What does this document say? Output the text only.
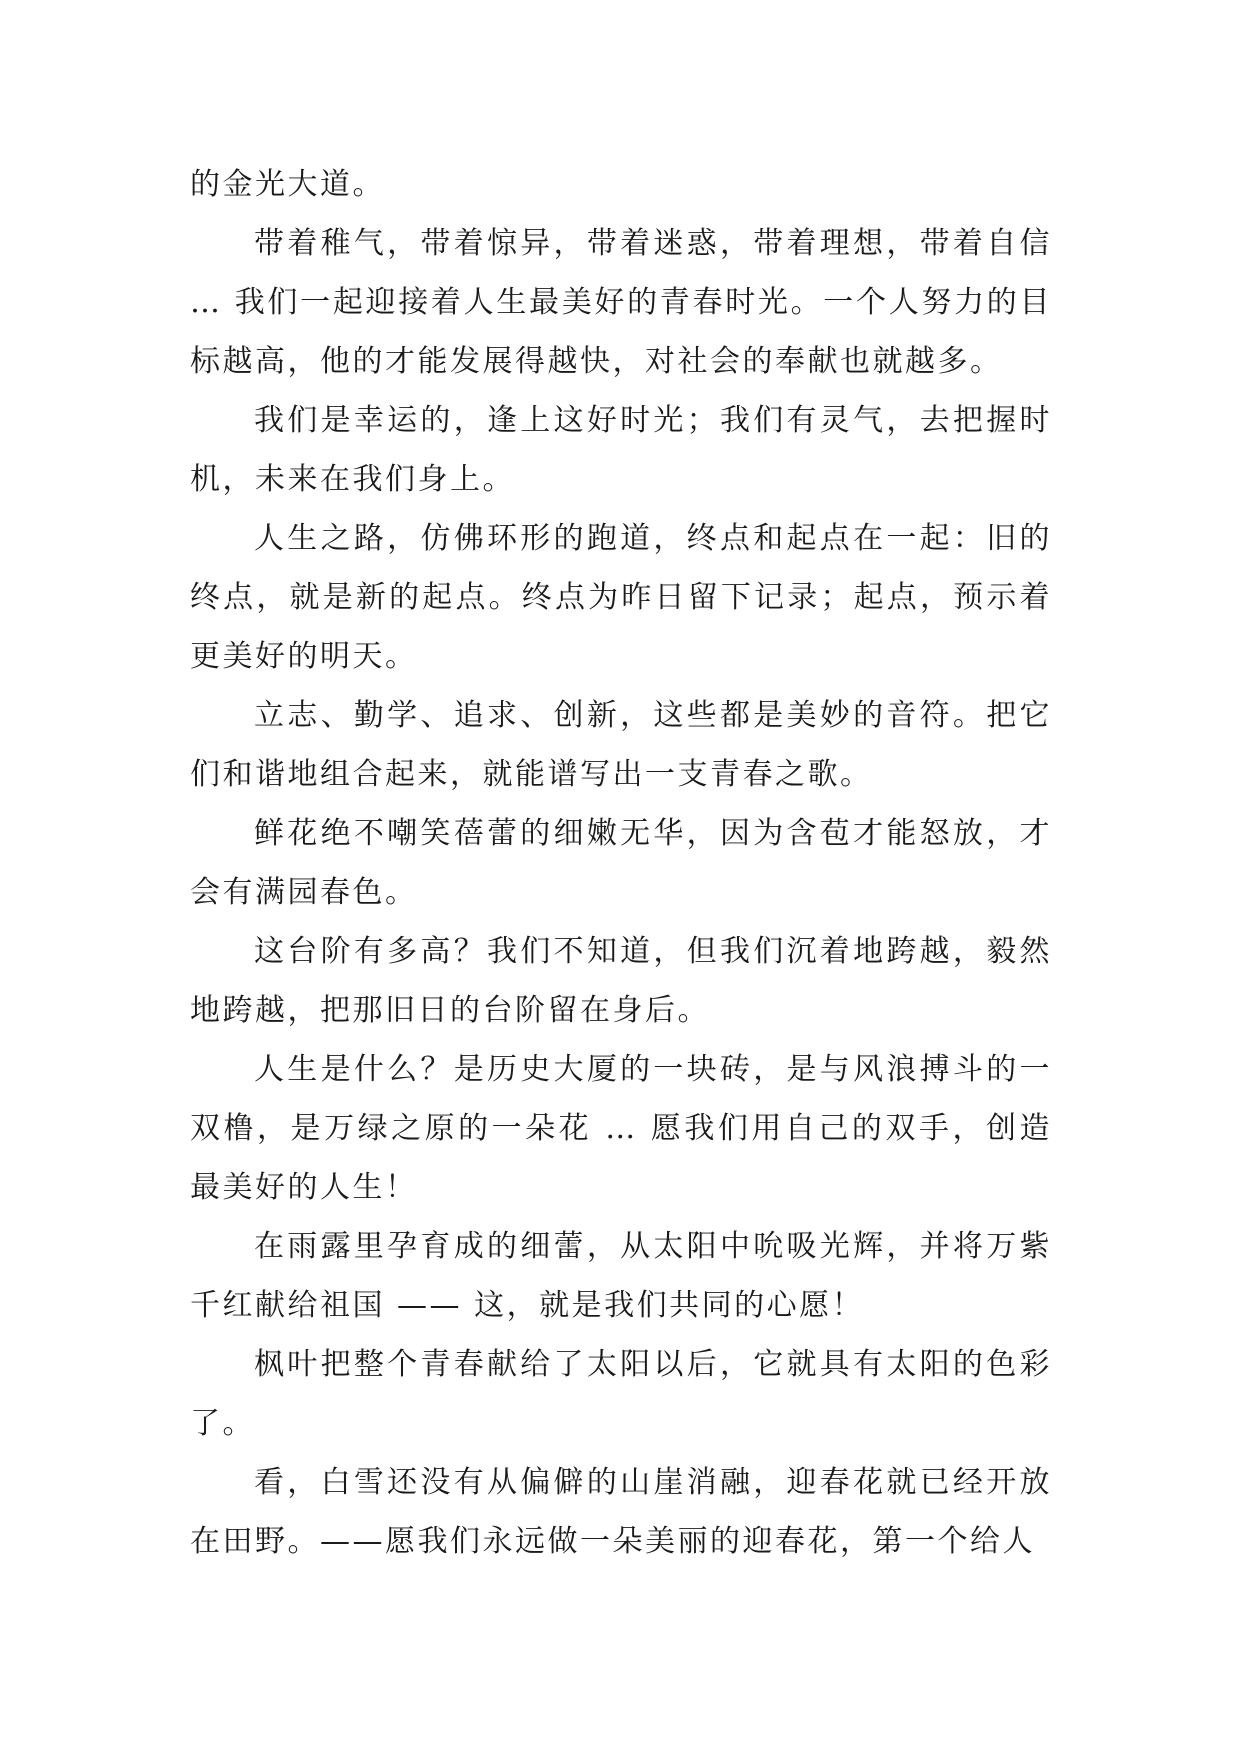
的金光大道。

带着稚气，带着惊异，带着迷惑，带着理想，带着自信 … 我们一起迎接着人生最美好的青春时光。一个人努力的目标越高，他的才能发展得越快，对社会的奉献也就越多。

我们是幸运的，逢上这好时光；我们有灵气，去把握时机，未来在我们身上。

人生之路，仿佛环形的跑道，终点和起点在一起：旧的终点，就是新的起点。终点为昨日留下记录；起点，预示着更美好的明天。

立志、勤学、追求、创新，这些都是美妙的音符。把它们和谐地组合起来，就能谱写出一支青春之歌。

鲜花绝不嘲笑蓓蕾的细嫩无华，因为含苞才能怒放，才会有满园春色。

这台阶有多高？我们不知道，但我们沉着地跨越，毅然地跨越，把那旧日的台阶留在身后。

人生是什么？是历史大厦的一块砖，是与风浪搏斗的一双橹，是万绿之原的一朵花 … 愿我们用自己的双手，创造最美好的人生！

在雨露里孕育成的细蕾，从太阳中吮吸光辉，并将万紫千红献给祖国 —— 这，就是我们共同的心愿！

枫叶把整个青春献给了太阳以后，它就具有太阳的色彩了。

看，白雪还没有从偏僻的山崖消融，迎春花就已经开放在田野。——愿我们永远做一朵美丽的迎春花，第一个给人
